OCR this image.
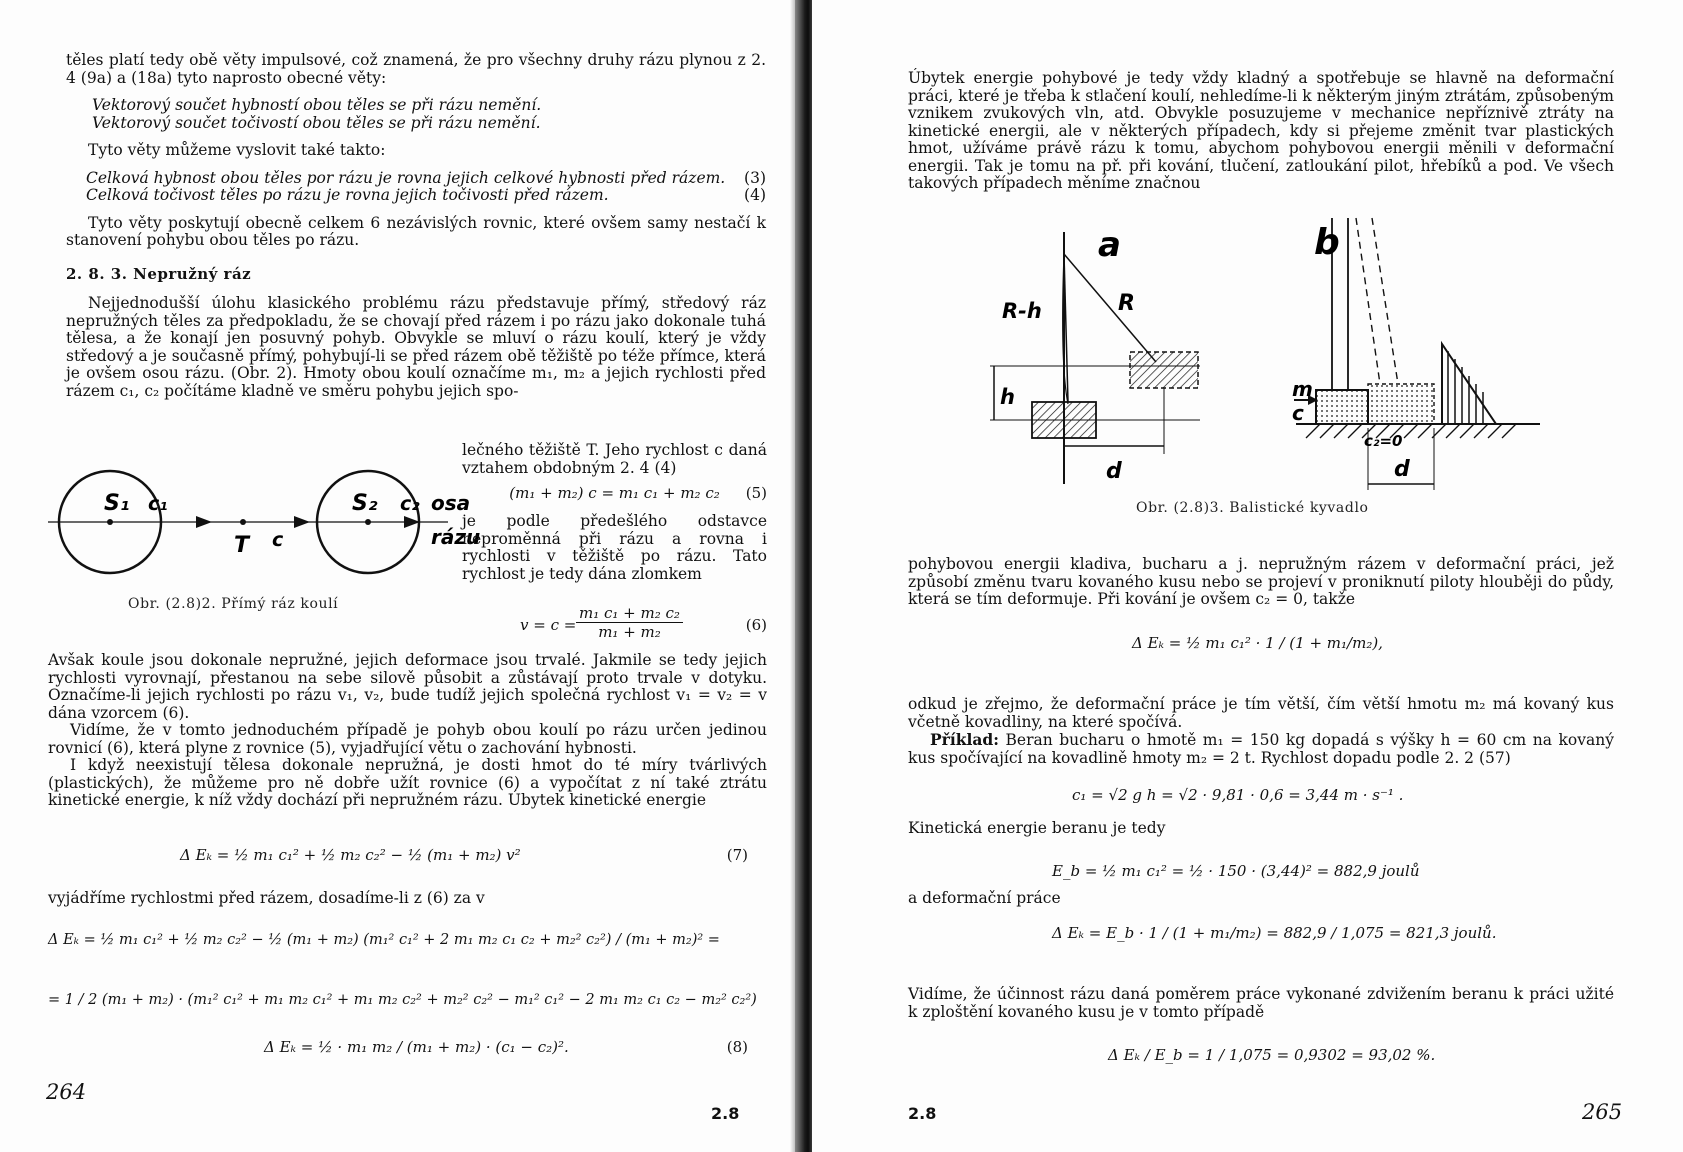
těles platí tedy obě věty impulsové, což znamená, že pro všechny druhy rázu plynou z 2. 4 (9a) a (18a) tyto naprosto obecné věty:

Vektorový součet hybností obou těles se při rázu nemění.

Vektorový součet točivostí obou těles se při rázu nemění.

Tyto věty můžeme vyslovit také takto:

Celková hybnost obou těles por rázu je rovna jejich celkové hybnosti před rázem. (3)
Celková točivost těles po rázu je rovna jejich točivosti před rázem.	(4)

Tyto věty poskytují obecně celkem 6 nezávislých rovnic, které ovšem samy nestačí k stanovení pohybu obou těles po rázu.

2. 8. 3. Nepružný ráz

Nejjednodušší úlohu klasického problému rázu představuje přímý, středový ráz nepružných těles za předpokladu, že se chovají před rázem i po rázu jako dokonale tuhá tělesa, a že konají jen posuvný pohyb. Obvykle se mluví o rázu koulí, který je vždy středový a je současně přímý, pohybují-li se před rázem obě těžiště po téže přímce, která je ovšem osou rázu. (Obr. 2). Hmoty obou koulí označíme m₁, m₂ a jejich rychlosti před rázem c₁, c₂ počítáme kladně ve směru pohybu jejich spo-

S₁ c₁
T c
S₂ c₂ osa
rázu
Obr. (2.8)2. Přímý ráz koulí

lečného těžiště T. Jeho rychlost c daná vztahem obdobným 2. 4 (4)

(m₁ + m₂) c = m₁ c₁ + m₂ c₂ (5)

je podle předešlého odstavce neproměnná při rázu a rovna i rychlosti v těžiště po rázu. Tato rychlost je tedy dána zlomkem

$v = c = \frac{\text{m₁ c₁ + m₂ c₂}}{\text{m₁ + m₂}}$	(6)

Avšak koule jsou dokonale nepružné, jejich deformace jsou trvalé. Jakmile se tedy jejich rychlosti vyrovnají, přestanou na sebe silově působit a zůstávají proto trvale v dotyku. Označíme-li jejich rychlosti po rázu v₁, v₂, bude tudíž jejich společná rychlost v₁ = v₂ = v dána vzorcem (6).

Vidíme, že v tomto jednoduchém případě je pohyb obou koulí po rázu určen jedinou rovnicí (6), která plyne z rovnice (5), vyjadřující větu o zachování hybnosti.

I když neexistují tělesa dokonale nepružná, je dosti hmot do té míry tvárlivých (plastických), že můžeme pro ně dobře užít rovnice (6) a vypočítat z ní také ztrátu kinetické energie, k níž vždy dochází při nepružném rázu. Úbytek kinetické energie

Δ Eₖ = ½ m₁ c₁² + ½ m₂ c₂² − ½ (m₁ + m₂) v²	(7)

vyjádříme rychlostmi před rázem, dosadíme-li z (6) za v

Δ Eₖ = ½ m₁ c₁² + ½ m₂ c₂² − ½ (m₁ + m₂) (m₁² c₁² + 2 m₁ m₂ c₁ c₂ + m₂² c₂²) / (m₁ + m₂)² =
= 1 / 2 (m₁ + m₂) · (m₁² c₁² + m₁ m₂ c₁² + m₁ m₂ c₂² + m₂² c₂² − m₁² c₁² − 2 m₁ m₂ c₁ c₂ − m₂² c₂²)
Δ Eₖ = ½ · m₁ m₂ / (m₁ + m₂) · (c₁ − c₂)².	(8)
264
2.8

Úbytek energie pohybové je tedy vždy kladný a spotřebuje se hlavně na deformační práci, které je třeba k stlačení koulí, nehledíme-li k některým jiným ztrátám, způsobeným vznikem zvukových vln, atd. Obvykle posuzujeme v mechanice nepříznivě ztráty na kinetické energii, ale v některých případech, kdy si přejeme změnit tvar plastických hmot, užíváme právě rázu k tomu, abychom pohybovou energii měnili v deformační energii. Tak je tomu na př. při kování, tlučení, zatloukání pilot, hřebíků a pod. Ve všech takových případech měníme značnou

a
R
R-h
h
d
b
m
c
c₂=0
d
Obr. (2.8)3. Balistické kyvadlo

pohybovou energii kladiva, bucharu a j. nepružným rázem v deformační práci, jež způsobí změnu tvaru kovaného kusu nebo se projeví v proniknutí piloty hlouběji do půdy, která se tím deformuje. Při kování je ovšem c₂ = 0, takže

Δ Eₖ = ½ m₁ c₁² · 1 / (1 + m₁/m₂),

odkud je zřejmo, že deformační práce je tím větší, čím větší hmotu m₂ má kovaný kus včetně kovadliny, na které spočívá.

Příklad: Beran bucharu o hmotě m₁ = 150 kg dopadá s výšky h = 60 cm na kovaný kus spočívající na kovadlině hmoty m₂ = 2 t. Rychlost dopadu podle 2. 2 (57)

c₁ = √2 g h = √2 · 9,81 · 0,6 = 3,44 m · s⁻¹ .

Kinetická energie beranu je tedy

E_b = ½ m₁ c₁² = ½ · 150 · (3,44)² = 882,9 joulů

a deformační práce

Δ Eₖ = E_b · 1 / (1 + m₁/m₂) = 882,9 / 1,075 = 821,3 joulů.

Vidíme, že účinnost rázu daná poměrem práce vykonané zdvižením beranu k práci užité k zploštění kovaného kusu je v tomto případě

Δ Eₖ / E_b = 1 / 1,075 = 0,9302 = 93,02 %.
2.8	265
